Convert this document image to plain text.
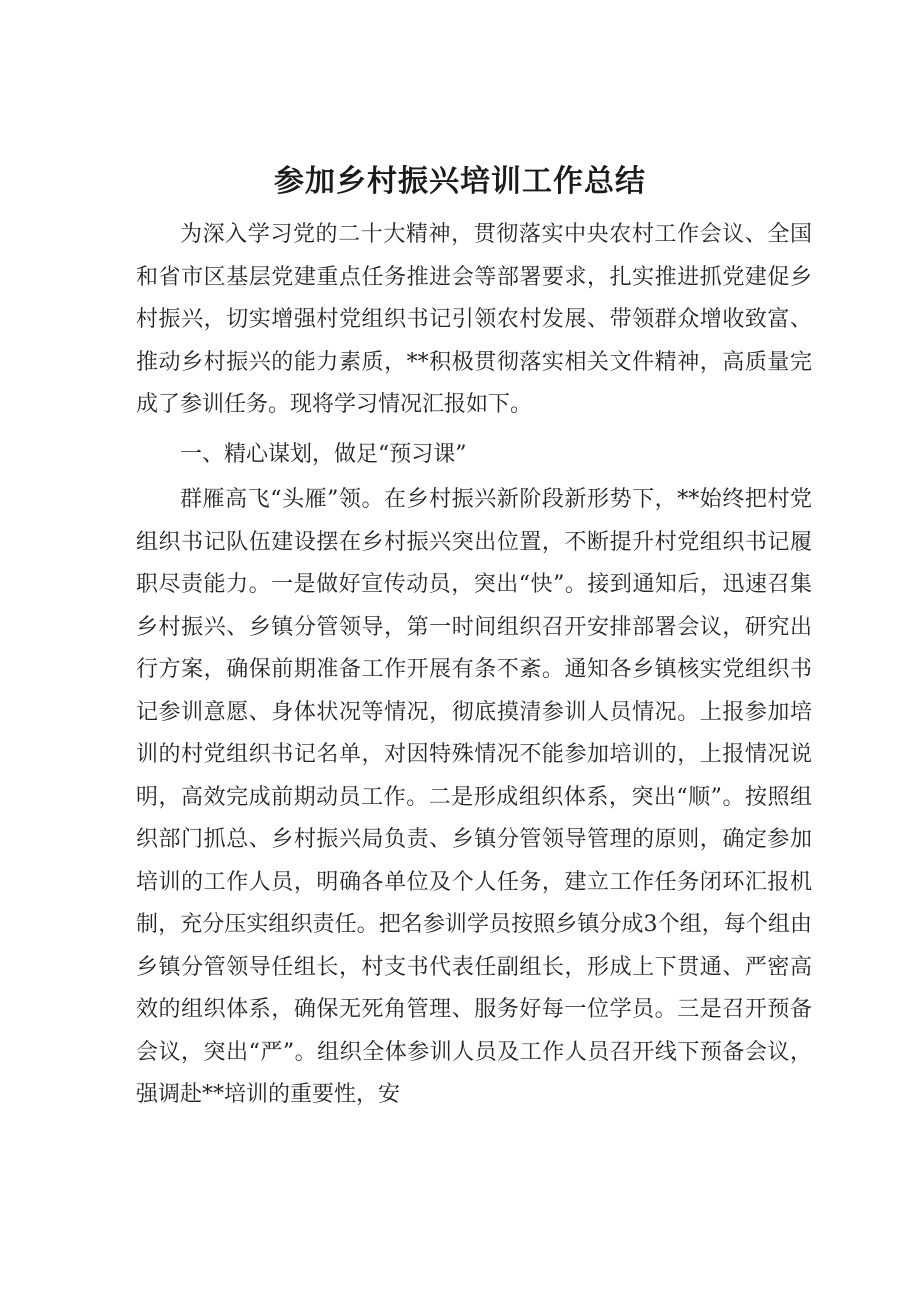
参加乡村振兴培训工作总结

为深入学习党的二十大精神，贯彻落实中央农村工作会议、全国和省市区基层党建重点任务推进会等部署要求，扎实推进抓党建促乡村振兴，切实增强村党组织书记引领农村发展、带领群众增收致富、推动乡村振兴的能力素质，**积极贯彻落实相关文件精神，高质量完成了参训任务。现将学习情况汇报如下。

一、精心谋划，做足“预习课”

群雁高飞“头雁”领。在乡村振兴新阶段新形势下，**始终把村党组织书记队伍建设摆在乡村振兴突出位置，不断提升村党组织书记履职尽责能力。一是做好宣传动员，突出“快”。接到通知后，迅速召集乡村振兴、乡镇分管领导，第一时间组织召开安排部署会议，研究出行方案，确保前期准备工作开展有条不紊。通知各乡镇核实党组织书记参训意愿、身体状况等情况，彻底摸清参训人员情况。上报参加培训的村党组织书记名单，对因特殊情况不能参加培训的，上报情况说明，高效完成前期动员工作。二是形成组织体系，突出“顺”。按照组织部门抓总、乡村振兴局负责、乡镇分管领导管理的原则，确定参加培训的工作人员，明确各单位及个人任务，建立工作任务闭环汇报机制，充分压实组织责任。把名参训学员按照乡镇分成3个组，每个组由乡镇分管领导任组长，村支书代表任副组长，形成上下贯通、严密高效的组织体系，确保无死角管理、服务好每一位学员。三是召开预备会议，突出“严”。组织全体参训人员及工作人员召开线下预备会议，强调赴**培训的重要性，安
